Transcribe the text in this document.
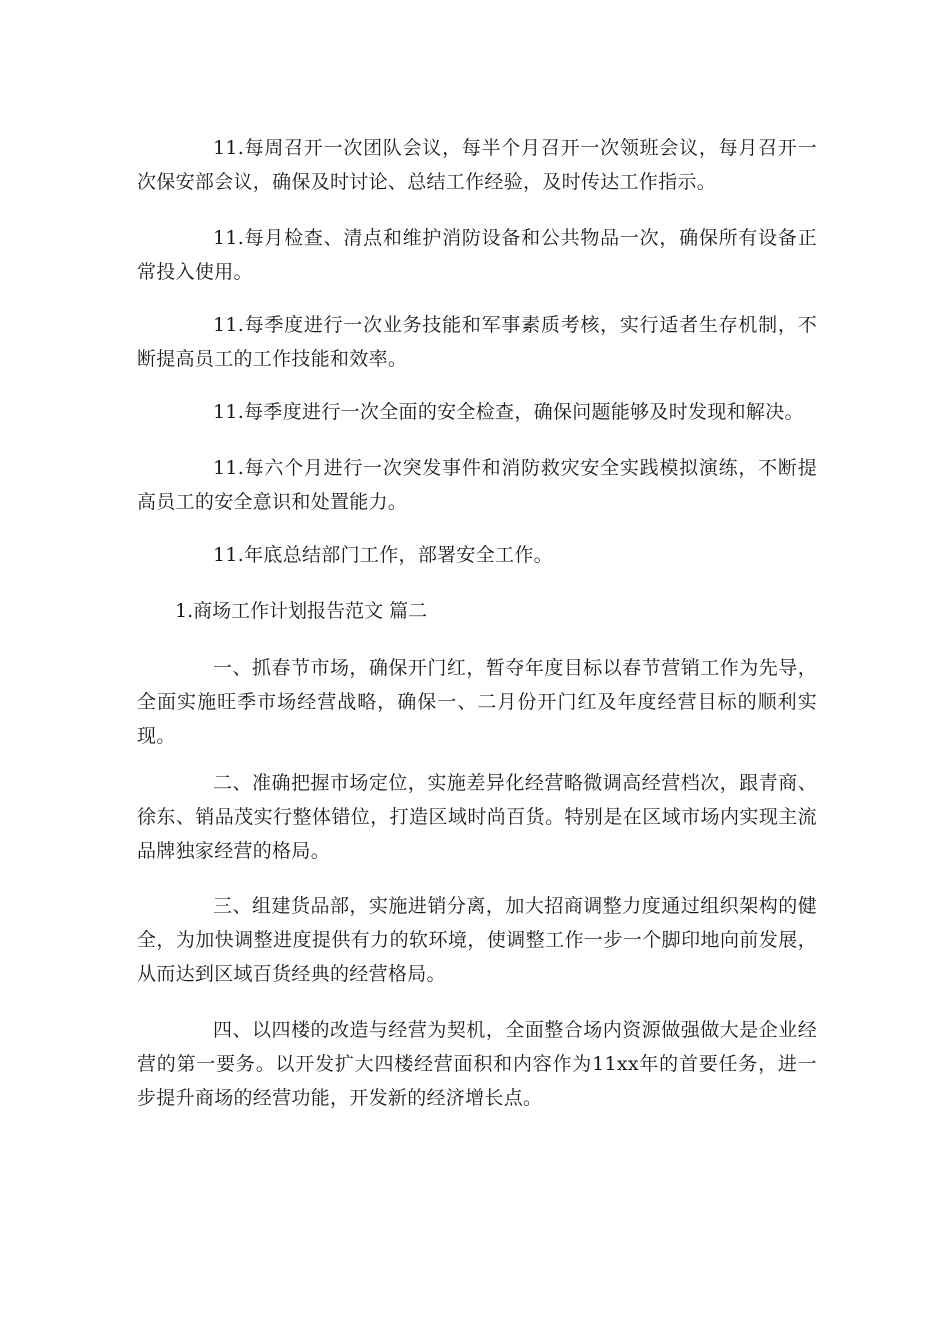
11.每周召开一次团队会议，每半个月召开一次领班会议，每月召开一次保安部会议，确保及时讨论、总结工作经验，及时传达工作指示。

11.每月检查、清点和维护消防设备和公共物品一次，确保所有设备正常投入使用。

11.每季度进行一次业务技能和军事素质考核，实行适者生存机制，不断提高员工的工作技能和效率。

11.每季度进行一次全面的安全检查，确保问题能够及时发现和解决。

11.每六个月进行一次突发事件和消防救灾安全实践模拟演练，不断提高员工的安全意识和处置能力。

11.年底总结部门工作，部署安全工作。

1.商场工作计划报告范文 篇二

一、抓春节市场，确保开门红，暂夺年度目标以春节营销工作为先导，全面实施旺季市场经营战略，确保一、二月份开门红及年度经营目标的顺利实现。

二、准确把握市场定位，实施差异化经营略微调高经营档次，跟青商、徐东、销品茂实行整体错位，打造区域时尚百货。特别是在区域市场内实现主流品牌独家经营的格局。

三、组建货品部，实施进销分离，加大招商调整力度通过组织架构的健全，为加快调整进度提供有力的软环境，使调整工作一步一个脚印地向前发展，从而达到区域百货经典的经营格局。

四、以四楼的改造与经营为契机，全面整合场内资源做强做大是企业经营的第一要务。以开发扩大四楼经营面积和内容作为11xx年的首要任务，进一步提升商场的经营功能，开发新的经济增长点。
